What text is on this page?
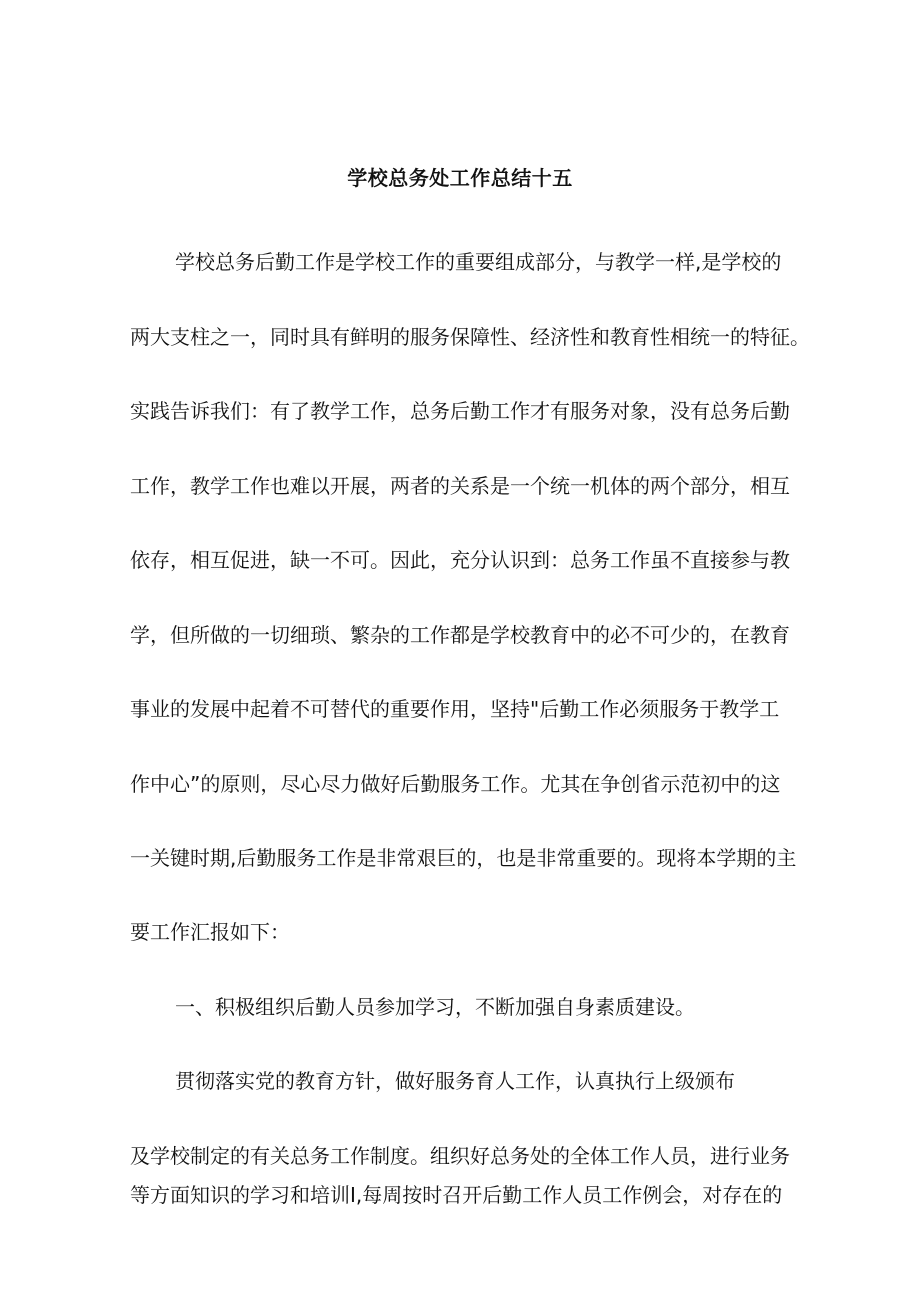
学校总务处工作总结十五
学校总务后勤工作是学校工作的重要组成部分，与教学一样,是学校的
两大支柱之一，同时具有鲜明的服务保障性、经济性和教育性相统一的特征。
实践告诉我们：有了教学工作，总务后勤工作才有服务对象，没有总务后勤
工作，教学工作也难以开展，两者的关系是一个统一机体的两个部分，相互
依存，相互促进，缺一不可。因此，充分认识到：总务工作虽不直接参与教
学，但所做的一切细琐、繁杂的工作都是学校教育中的必不可少的，在教育
事业的发展中起着不可替代的重要作用，坚持"后勤工作必须服务于教学工
作中心”的原则，尽心尽力做好后勤服务工作。尤其在争创省示范初中的这
一关键时期,后勤服务工作是非常艰巨的，也是非常重要的。现将本学期的主
要工作汇报如下：
一、积极组织后勤人员参加学习，不断加强自身素质建设。
贯彻落实党的教育方针，做好服务育人工作，认真执行上级颁布
及学校制定的有关总务工作制度。组织好总务处的全体工作人员，进行业务
等方面知识的学习和培训I,每周按时召开后勤工作人员工作例会，对存在的
